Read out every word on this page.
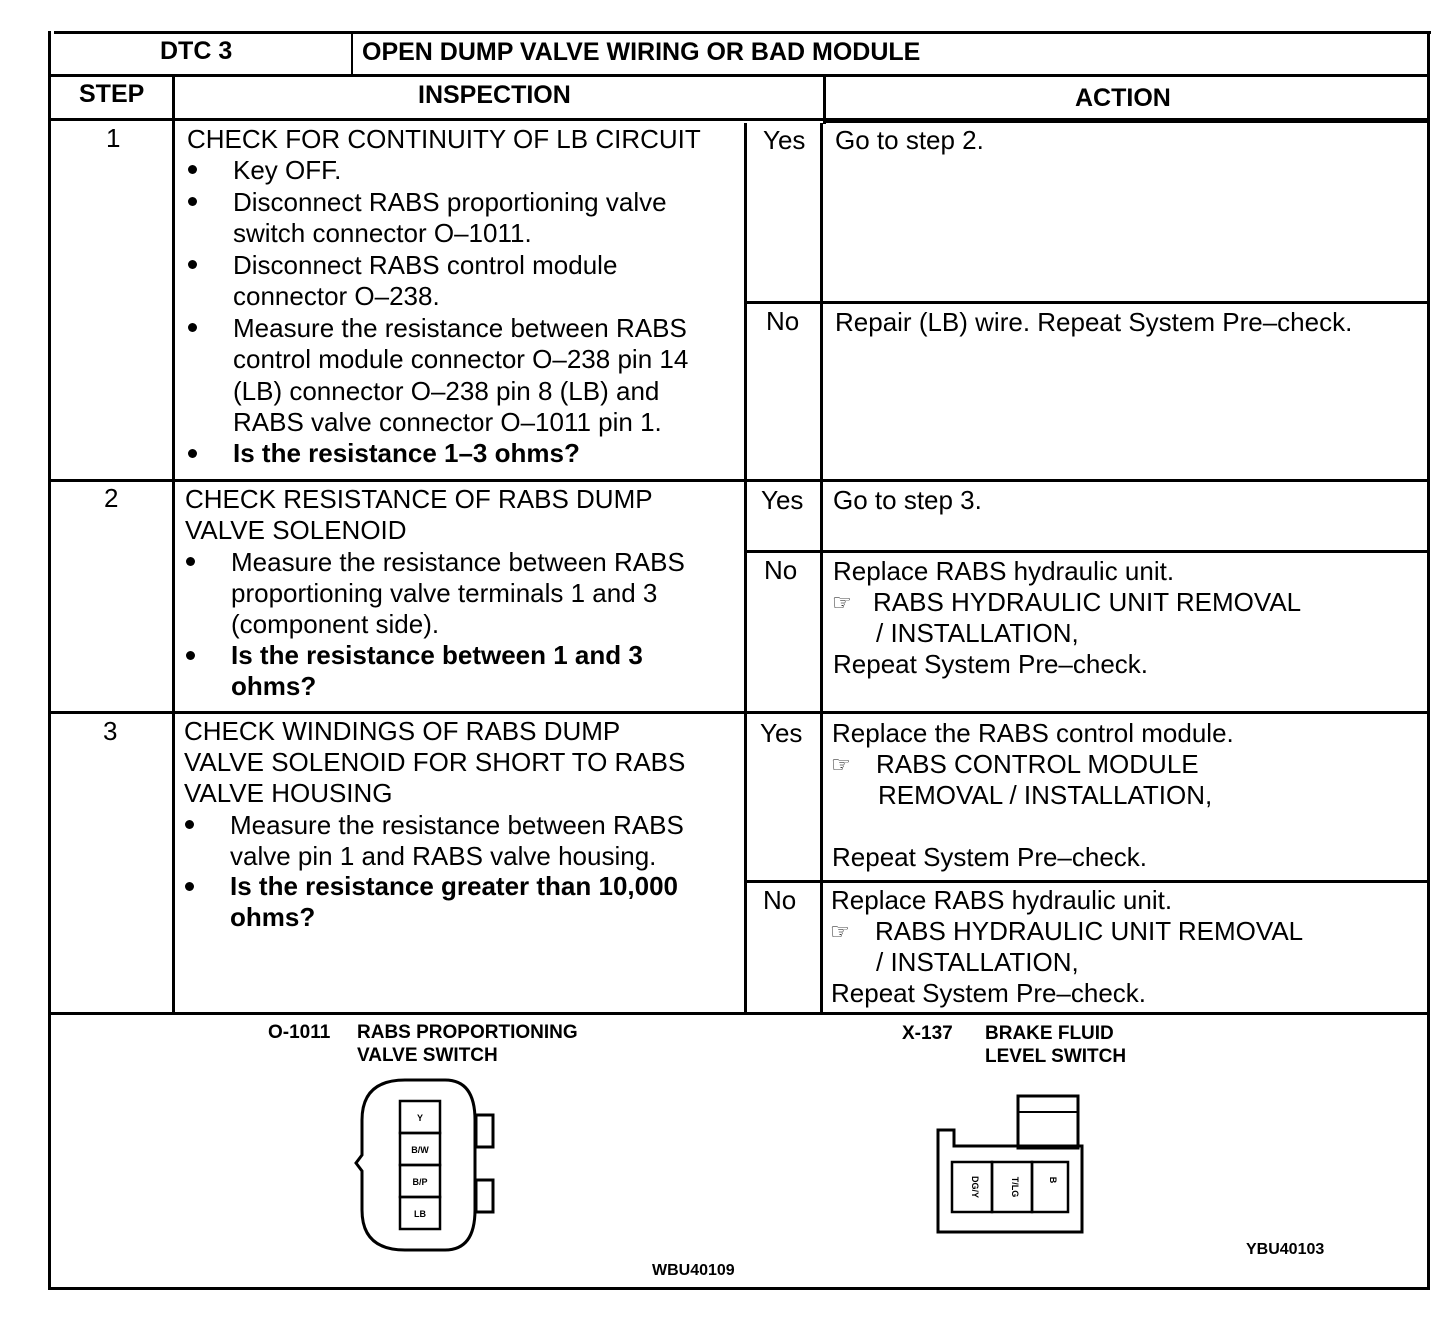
DTC 3	OPEN DUMP VALVE WIRING OR BAD MODULE
STEP	INSPECTION	ACTION
1	CHECK FOR CONTINUITY OF LB CIRCUIT
Key OFF.
Disconnect RABS proportioning valve
switch connector O–1011.
Disconnect RABS control module
connector O–238.
Measure the resistance between RABS
control module connector O–238 pin 14
(LB) connector O–238 pin 8 (LB) and
RABS valve connector O–1011 pin 1.
Is the resistance 1–3 ohms?
Yes Go to step 2.
No Repair (LB) wire. Repeat System Pre–check.
2	CHECK RESISTANCE OF RABS DUMP
VALVE SOLENOID
Measure the resistance between RABS
proportioning valve terminals 1 and 3
(component side).
Is the resistance between 1 and 3
ohms?
Yes Go to step 3.
No Replace RABS hydraulic unit.
☞ RABS HYDRAULIC UNIT REMOVAL
/ INSTALLATION,
Repeat System Pre–check.
3	CHECK WINDINGS OF RABS DUMP
VALVE SOLENOID FOR SHORT TO RABS
VALVE HOUSING
Measure the resistance between RABS
valve pin 1 and RABS valve housing.
Is the resistance greater than 10,000
ohms?
Yes Replace the RABS control module.
☞ RABS CONTROL MODULE
REMOVAL / INSTALLATION,
Repeat System Pre–check.
No Replace RABS hydraulic unit.
☞ RABS HYDRAULIC UNIT REMOVAL
/ INSTALLATION,
Repeat System Pre–check.
O-1011 RABS PROPORTIONING
VALVE SWITCH
Y
B/W
B/P
LB
WBU40109
X-137 BRAKE FLUID
LEVEL SWITCH
DG/Y	T/LG	B
YBU40103
